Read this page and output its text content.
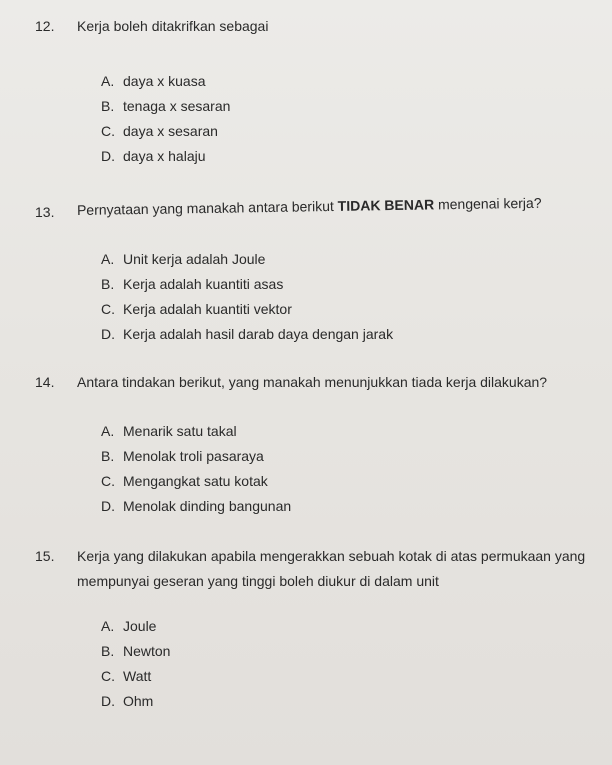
12. Kerja boleh ditakrifkan sebagai
A. daya x kuasa
B. tenaga x sesaran
C. daya x sesaran
D. daya x halaju
13. Pernyataan yang manakah antara berikut TIDAK BENAR mengenai kerja?
A. Unit kerja adalah Joule
B. Kerja adalah kuantiti asas
C. Kerja adalah kuantiti vektor
D. Kerja adalah hasil darab daya dengan jarak
14. Antara tindakan berikut, yang manakah menunjukkan tiada kerja dilakukan?
A. Menarik satu takal
B. Menolak troli pasaraya
C. Mengangkat satu kotak
D. Menolak dinding bangunan
15. Kerja yang dilakukan apabila mengerakkan sebuah kotak di atas permukaan yang
mempunyai geseran yang tinggi boleh diukur di dalam unit
A. Joule
B. Newton
C. Watt
D. Ohm
